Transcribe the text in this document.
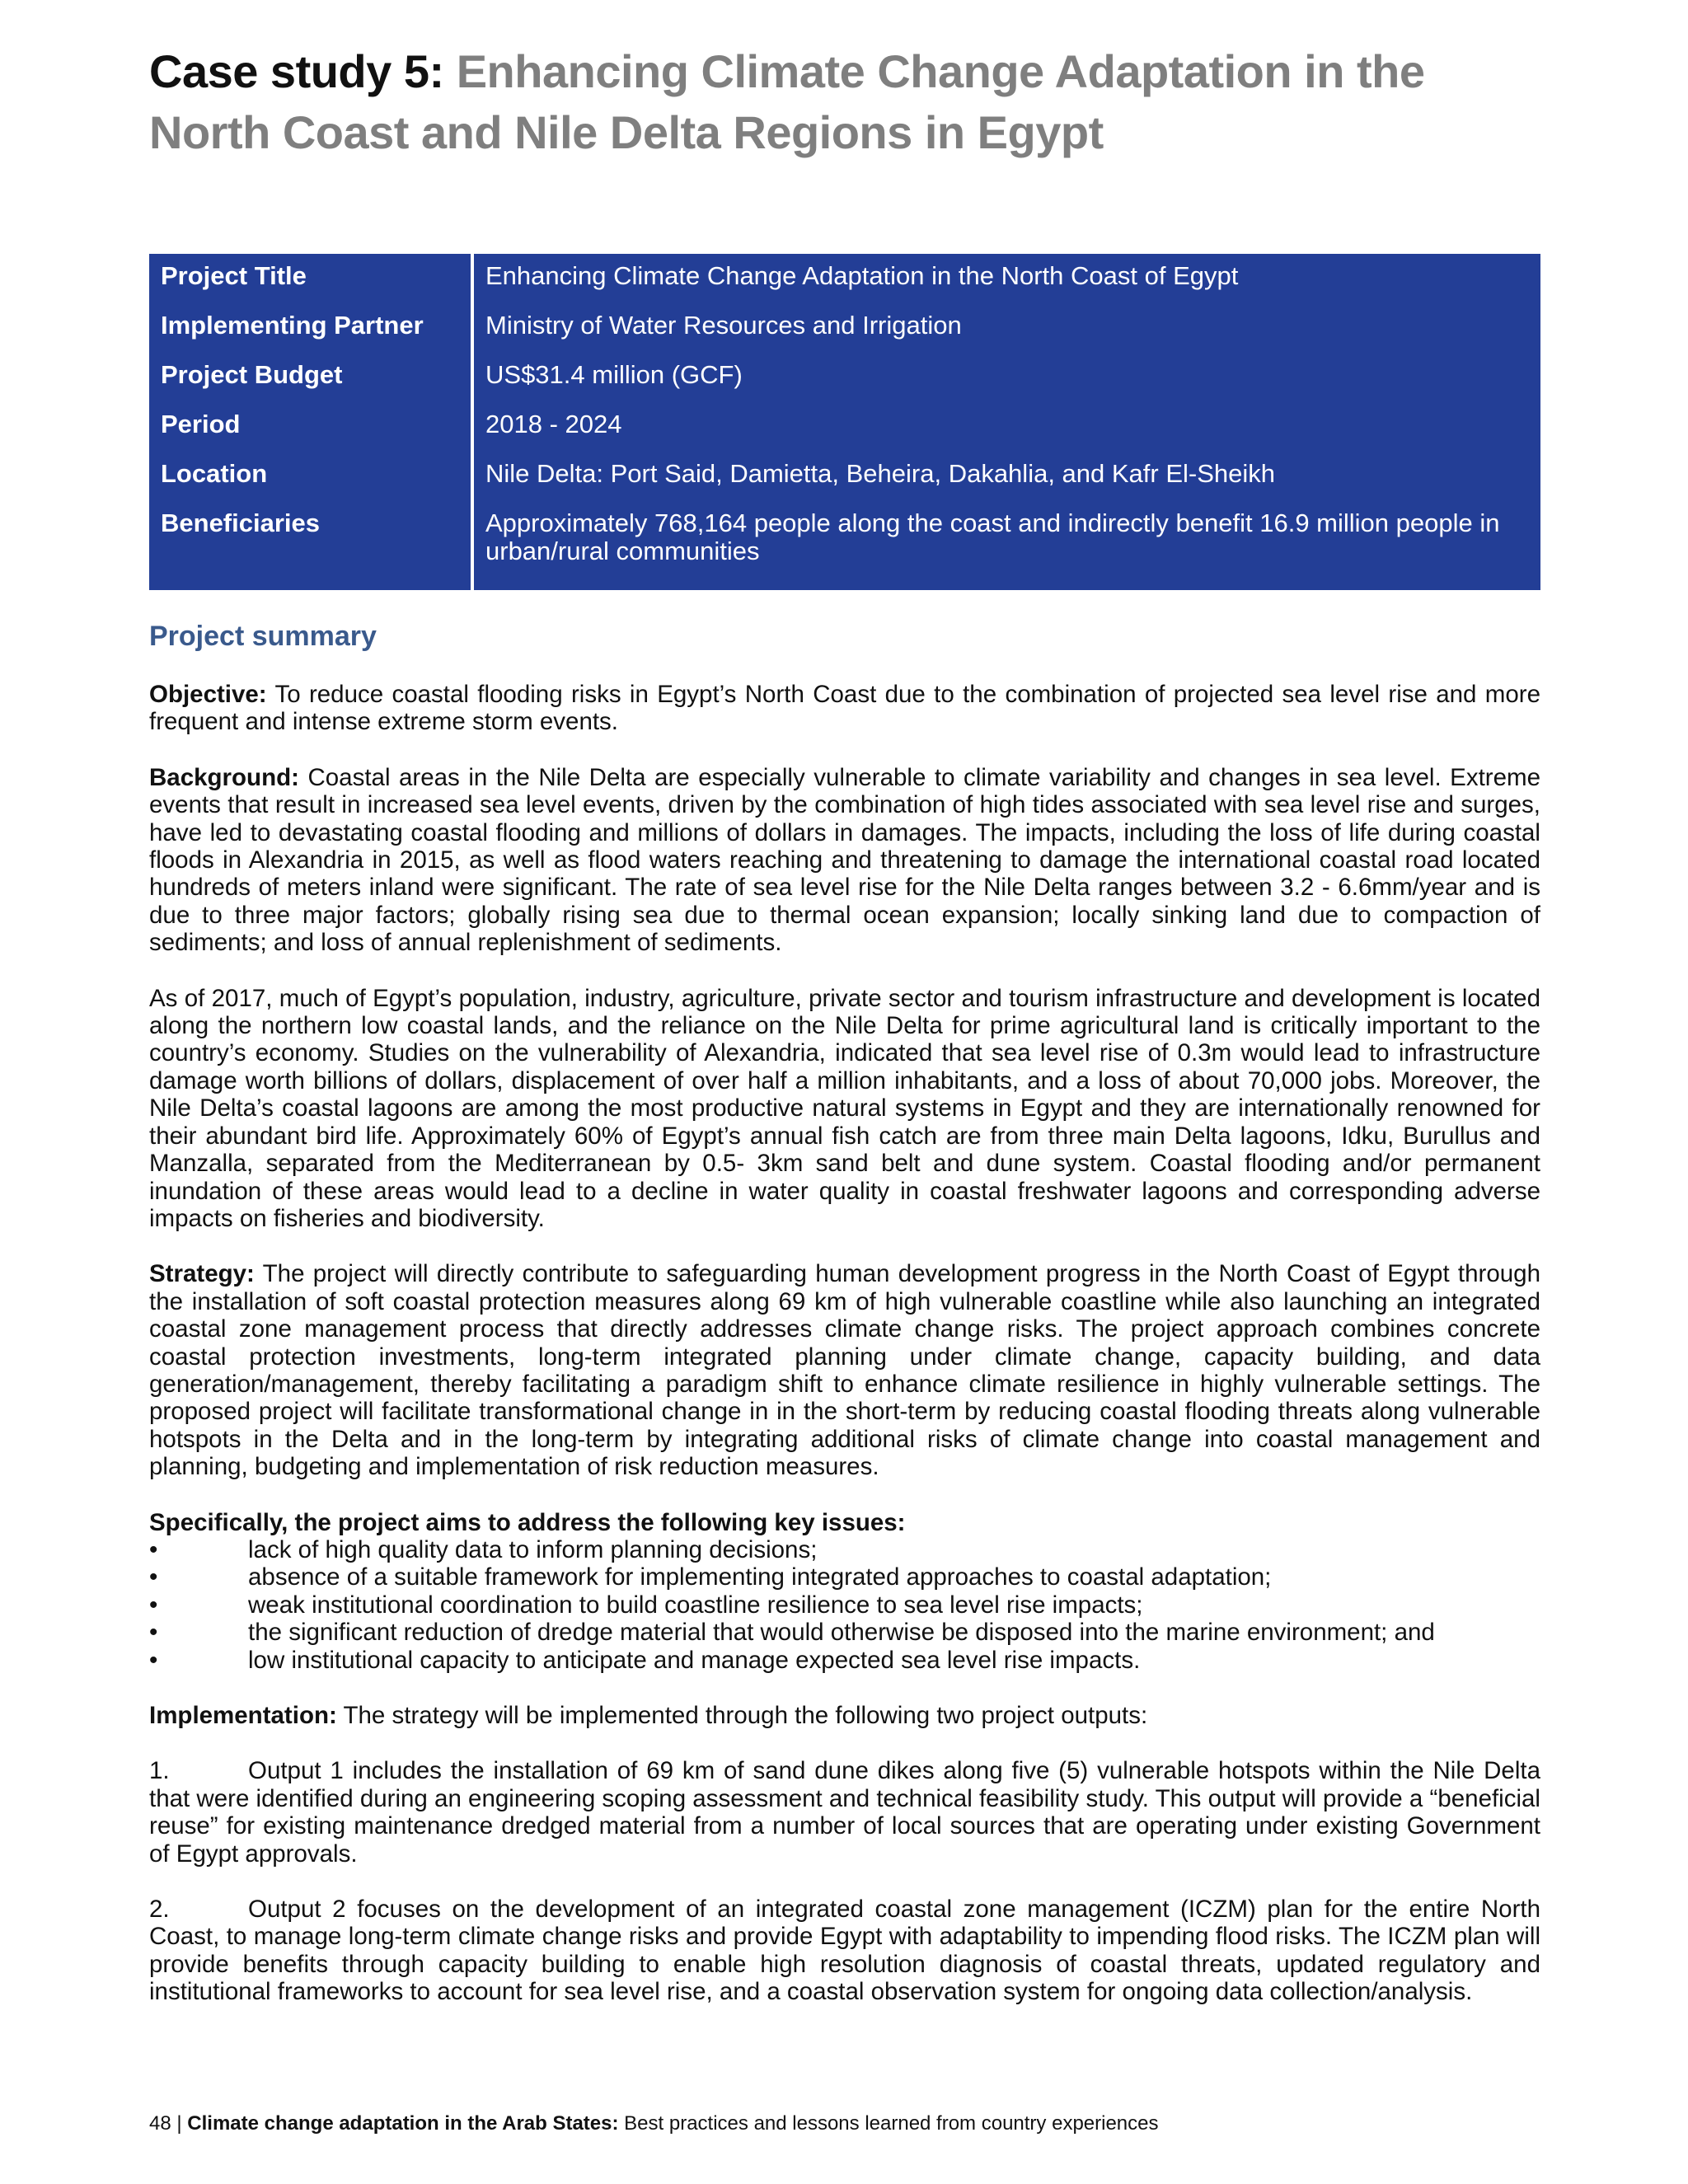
Case study 5: Enhancing Climate Change Adaptation in the North Coast and Nile Delta Regions in Egypt
Project Title	Enhancing Climate Change Adaptation in the North Coast of Egypt
Implementing Partner	Ministry of Water Resources and Irrigation
Project Budget	US$31.4 million (GCF)
Period	2018 - 2024
Location	Nile Delta: Port Said, Damietta, Beheira, Dakahlia, and Kafr El-Sheikh
Beneficiaries	Approximately 768,164 people along the coast and indirectly benefit 16.9 million people in urban/rural communities
Project summary

Objective: To reduce coastal flooding risks in Egypt’s North Coast due to the combination of projected sea level rise and more frequent and intense extreme storm events.

Background: Coastal areas in the Nile Delta are especially vulnerable to climate variability and changes in sea level. Extreme events that result in increased sea level events, driven by the combination of high tides associated with sea level rise and surges, have led to devastating coastal flooding and millions of dollars in damages. The impacts, including the loss of life during coastal floods in Alexandria in 2015, as well as flood waters reaching and threatening to damage the international coastal road located hundreds of meters inland were significant. The rate of sea level rise for the Nile Delta ranges between 3.2 - 6.6mm/year and is due to three major factors; globally rising sea due to thermal ocean expansion; locally sinking land due to compaction of sediments; and loss of annual replenishment of sediments.

As of 2017, much of Egypt’s population, industry, agriculture, private sector and tourism infrastructure and development is located along the northern low coastal lands, and the reliance on the Nile Delta for prime agricultural land is critically important to the country’s economy. Studies on the vulnerability of Alexandria, indicated that sea level rise of 0.3m would lead to infrastructure damage worth billions of dollars, displacement of over half a million inhabitants, and a loss of about 70,000 jobs. Moreover, the Nile Delta’s coastal lagoons are among the most productive natural systems in Egypt and they are internationally renowned for their abundant bird life. Approximately 60% of Egypt’s annual fish catch are from three main Delta lagoons, Idku, Burullus and Manzalla, separated from the Mediterranean by 0.5- 3km sand belt and dune system. Coastal flooding and/or permanent inundation of these areas would lead to a decline in water quality in coastal freshwater lagoons and corresponding adverse impacts on fisheries and biodiversity.

Strategy: The project will directly contribute to safeguarding human development progress in the North Coast of Egypt through the installation of soft coastal protection measures along 69 km of high vulnerable coastline while also launching an integrated coastal zone management process that directly addresses climate change risks. The project approach combines concrete coastal protection investments, long-term integrated planning under climate change, capacity building, and data generation/management, thereby facilitating a paradigm shift to enhance climate resilience in highly vulnerable settings. The proposed project will facilitate transformational change in in the short-term by reducing coastal flooding threats along vulnerable hotspots in the Delta and in the long-term by integrating additional risks of climate change into coastal management and planning, budgeting and implementation of risk reduction measures.

Specifically, the project aims to address the following key issues:
•	lack of high quality data to inform planning decisions;
•	absence of a suitable framework for implementing integrated approaches to coastal adaptation;
•	weak institutional coordination to build coastline resilience to sea level rise impacts;
•	the significant reduction of dredge material that would otherwise be disposed into the marine environment; and
•	low institutional capacity to anticipate and manage expected sea level rise impacts.

Implementation: The strategy will be implemented through the following two project outputs:

1.	Output 1 includes the installation of 69 km of sand dune dikes along five (5) vulnerable hotspots within the Nile Delta that were identified during an engineering scoping assessment and technical feasibility study. This output will provide a “beneficial reuse” for existing maintenance dredged material from a number of local sources that are operating under existing Government of Egypt approvals.

2.	Output 2 focuses on the development of an integrated coastal zone management (ICZM) plan for the entire North Coast, to manage long-term climate change risks and provide Egypt with adaptability to impending flood risks. The ICZM plan will provide benefits through capacity building to enable high resolution diagnosis of coastal threats, updated regulatory and institutional frameworks to account for sea level rise, and a coastal observation system for ongoing data collection/analysis.

48 | Climate change adaptation in the Arab States: Best practices and lessons learned from country experiences
